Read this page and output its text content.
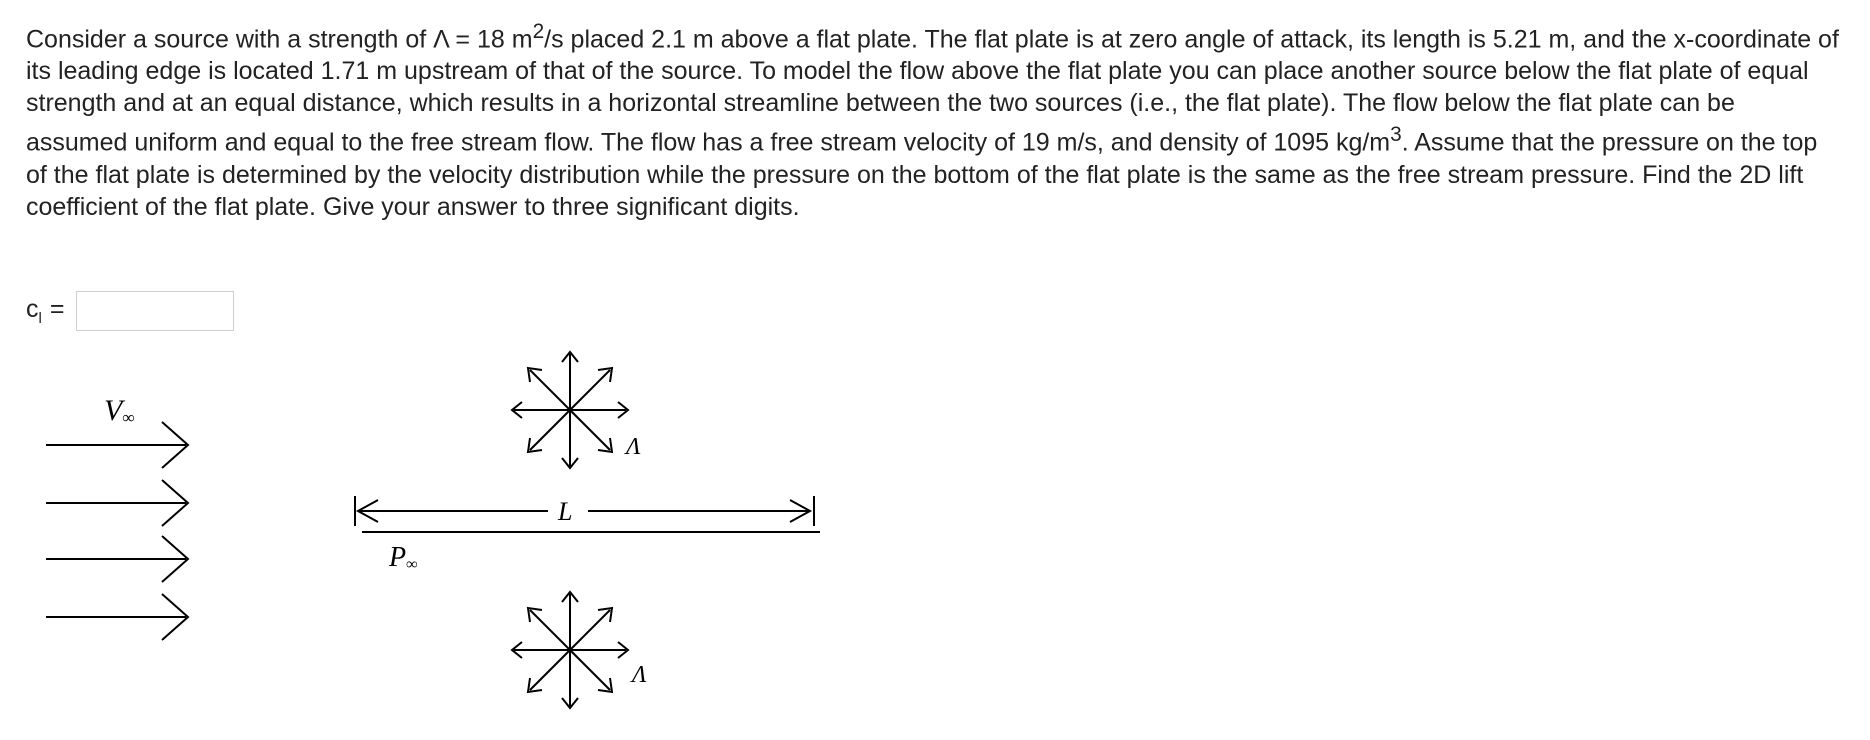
Consider a source with a strength of Λ = 18 $m^2/s$ placed 2.1 m above a flat plate. The flat plate is at zero angle of attack, its length is 5.21 m, and the x-coordinate of its leading edge is located 1.71 m upstream of that of the source. To model the flow above the flat plate you can place another source below the flat plate of equal strength and at an equal distance, which results in a horizontal streamline between the two sources (i.e., the flat plate). The flow below the flat plate can be assumed uniform and equal to the free stream flow. The flow has a free stream velocity of 19 m/s, and density of 1095 $kg/m^3$. Assume that the pressure on the top of the flat plate is determined by the velocity distribution while the pressure on the bottom of the flat plate is the same as the free stream pressure. Find the 2D lift coefficient of the flat plate. Give your answer to three significant digits.

$c_l$ =
V∞
Λ
L
P∞
Λ
